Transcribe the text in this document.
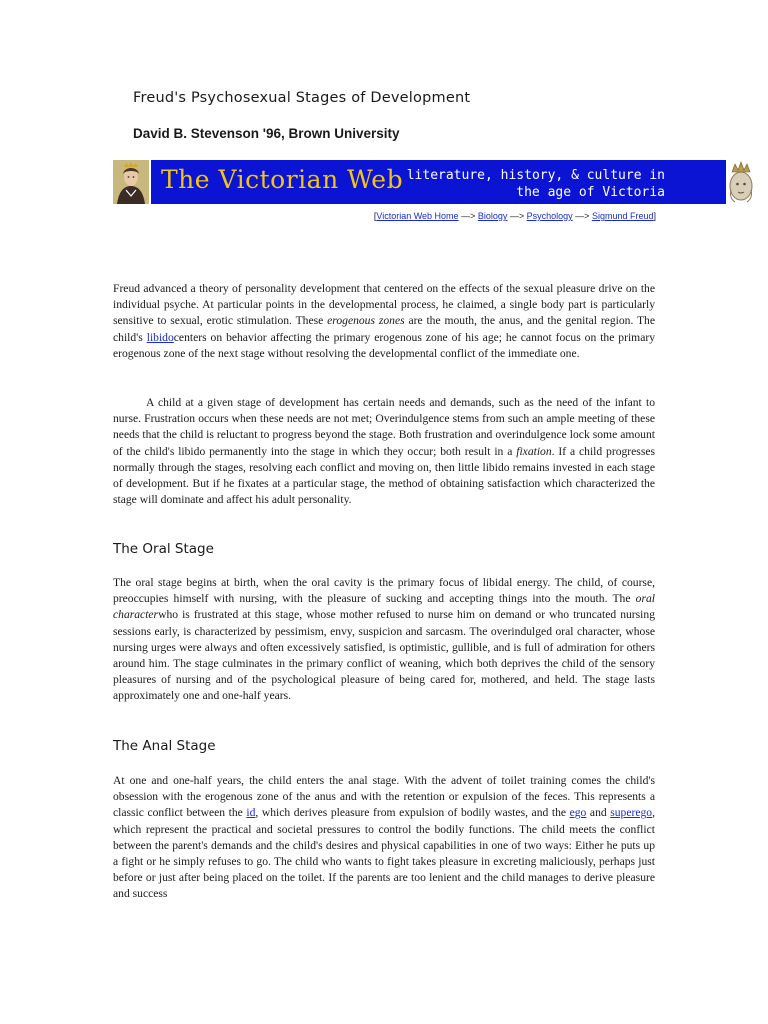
Freud's Psychosexual Stages of Development

David B. Stevenson '96, Brown University

The Victorian Web literature, history, & culture in
the age of Victoria
[Victorian Web Home —> Biology —> Psychology —> Sigmund Freud]

Freud advanced a theory of personality development that centered on the effects of the sexual pleasure drive on the individual psyche. At particular points in the developmental process, he claimed, a single body part is particularly sensitive to sexual, erotic stimulation. These erogenous zones are the mouth, the anus, and the genital region. The child's libidocenters on behavior affecting the primary erogenous zone of his age; he cannot focus on the primary erogenous zone of the next stage without resolving the developmental conflict of the immediate one.

A child at a given stage of development has certain needs and demands, such as the need of the infant to nurse. Frustration occurs when these needs are not met; Overindulgence stems from such an ample meeting of these needs that the child is reluctant to progress beyond the stage. Both frustration and overindulgence lock some amount of the child's libido permanently into the stage in which they occur; both result in a fixation. If a child progresses normally through the stages, resolving each conflict and moving on, then little libido remains invested in each stage of development. But if he fixates at a particular stage, the method of obtaining satisfaction which characterized the stage will dominate and affect his adult personality.

The Oral Stage

The oral stage begins at birth, when the oral cavity is the primary focus of libidal energy. The child, of course, preoccupies himself with nursing, with the pleasure of sucking and accepting things into the mouth. The oral characterwho is frustrated at this stage, whose mother refused to nurse him on demand or who truncated nursing sessions early, is characterized by pessimism, envy, suspicion and sarcasm. The overindulged oral character, whose nursing urges were always and often excessively satisfied, is optimistic, gullible, and is full of admiration for others around him. The stage culminates in the primary conflict of weaning, which both deprives the child of the sensory pleasures of nursing and of the psychological pleasure of being cared for, mothered, and held. The stage lasts approximately one and one-half years.

The Anal Stage

At one and one-half years, the child enters the anal stage. With the advent of toilet training comes the child's obsession with the erogenous zone of the anus and with the retention or expulsion of the feces. This represents a classic conflict between the id, which derives pleasure from expulsion of bodily wastes, and the ego and superego, which represent the practical and societal pressures to control the bodily functions. The child meets the conflict between the parent's demands and the child's desires and physical capabilities in one of two ways: Either he puts up a fight or he simply refuses to go. The child who wants to fight takes pleasure in excreting maliciously, perhaps just before or just after being placed on the toilet. If the parents are too lenient and the child manages to derive pleasure and success
